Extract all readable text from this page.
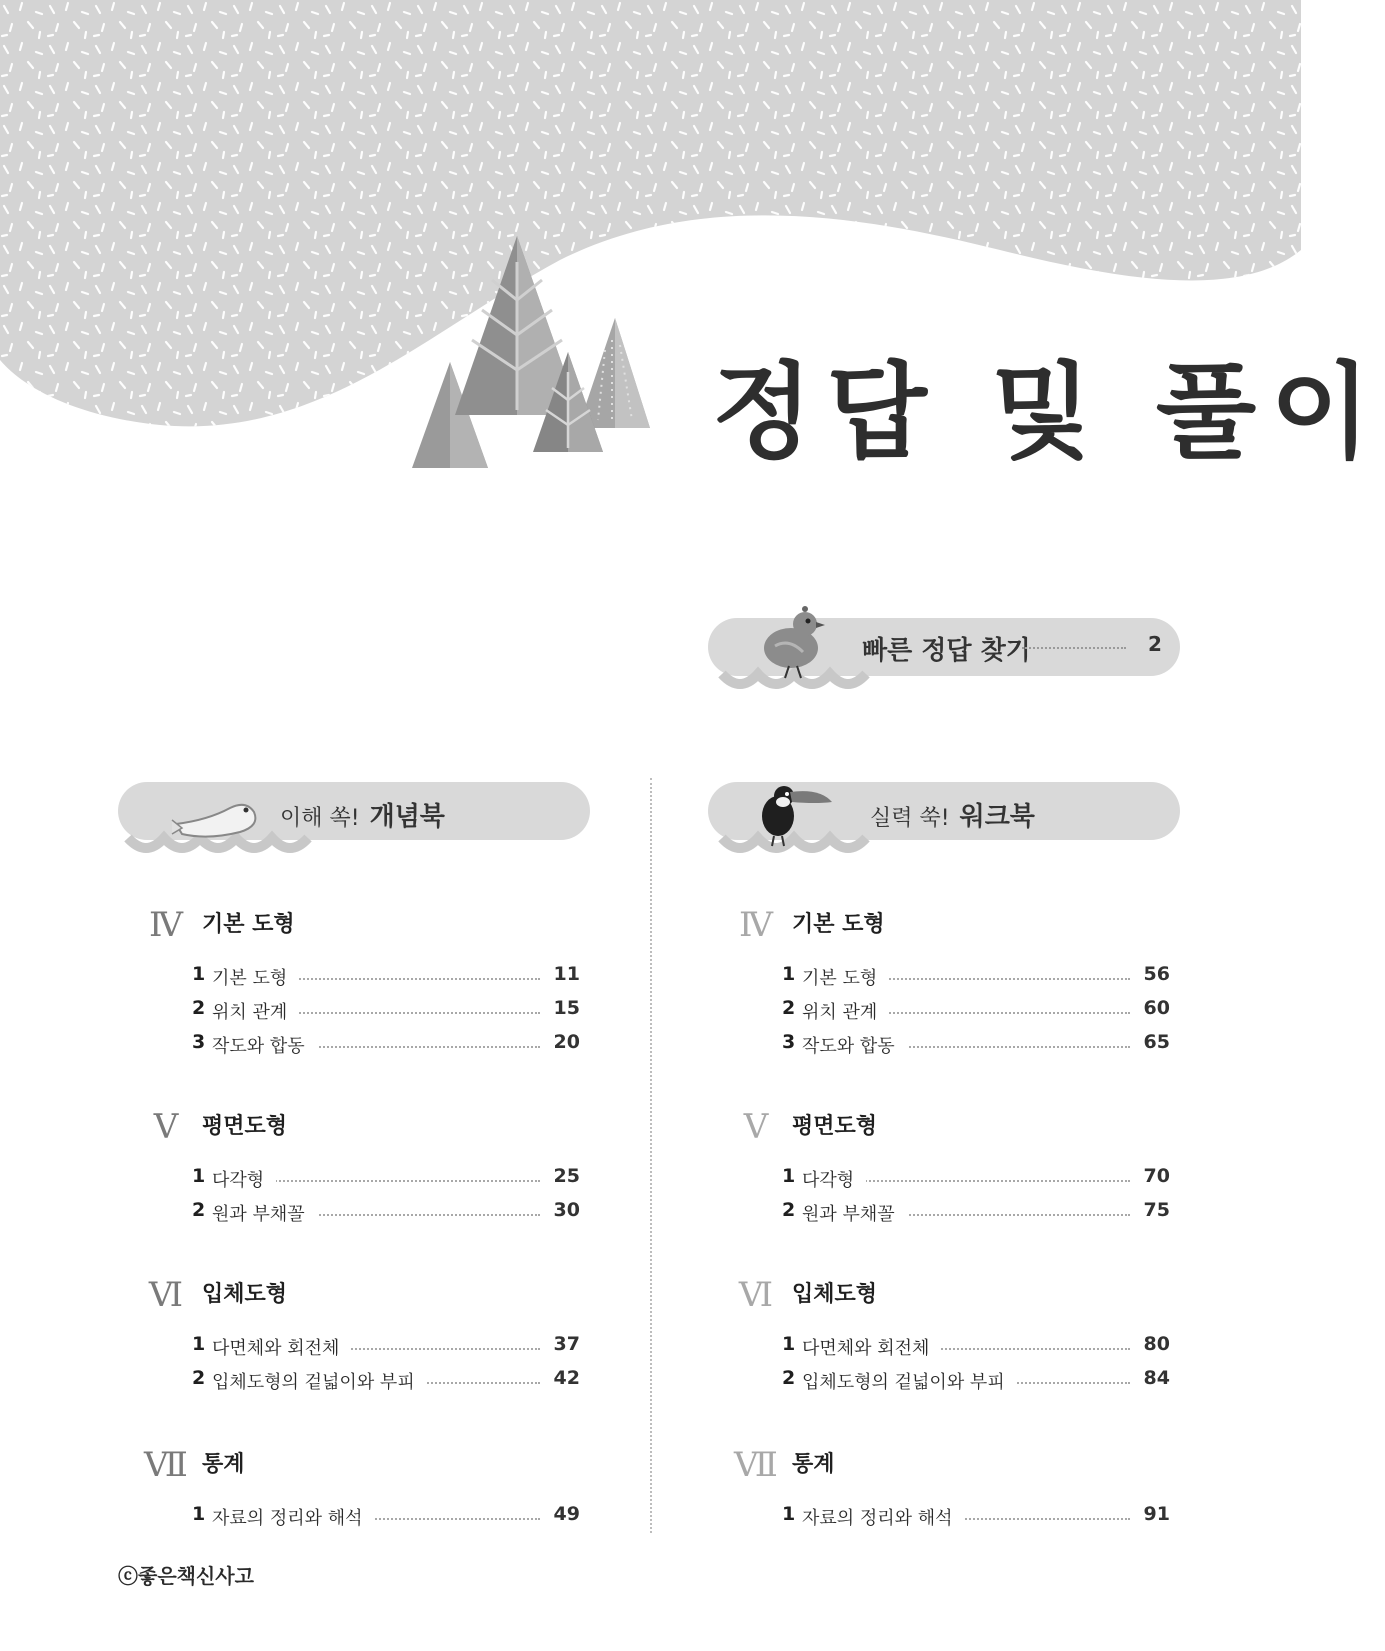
정답 및 풀이
빠른 정답 찾기	2
이해 쏙! 개념북	실력 쑥! 워크북
Ⅳ 기본 도형
1 기본 도형	11
2 위치 관계	15
3 작도와 합동	20
Ⅴ	평면도형
1 다각형	25
2 원과 부채꼴	30
Ⅵ 입체도형
1 다면체와 회전체	37
2 입체도형의 겉넓이와 부피	42
Ⅶ 통계
1 자료의 정리와 해석	49
Ⅳ 기본 도형
1 기본 도형	56
2 위치 관계	60
3 작도와 합동	65
Ⅴ	평면도형
1 다각형	70
2 원과 부채꼴	75
Ⅵ 입체도형
1 다면체와 회전체	80
2 입체도형의 겉넓이와 부피	84
Ⅶ 통계
1 자료의 정리와 해석	91
ⓒ좋은책신사고
